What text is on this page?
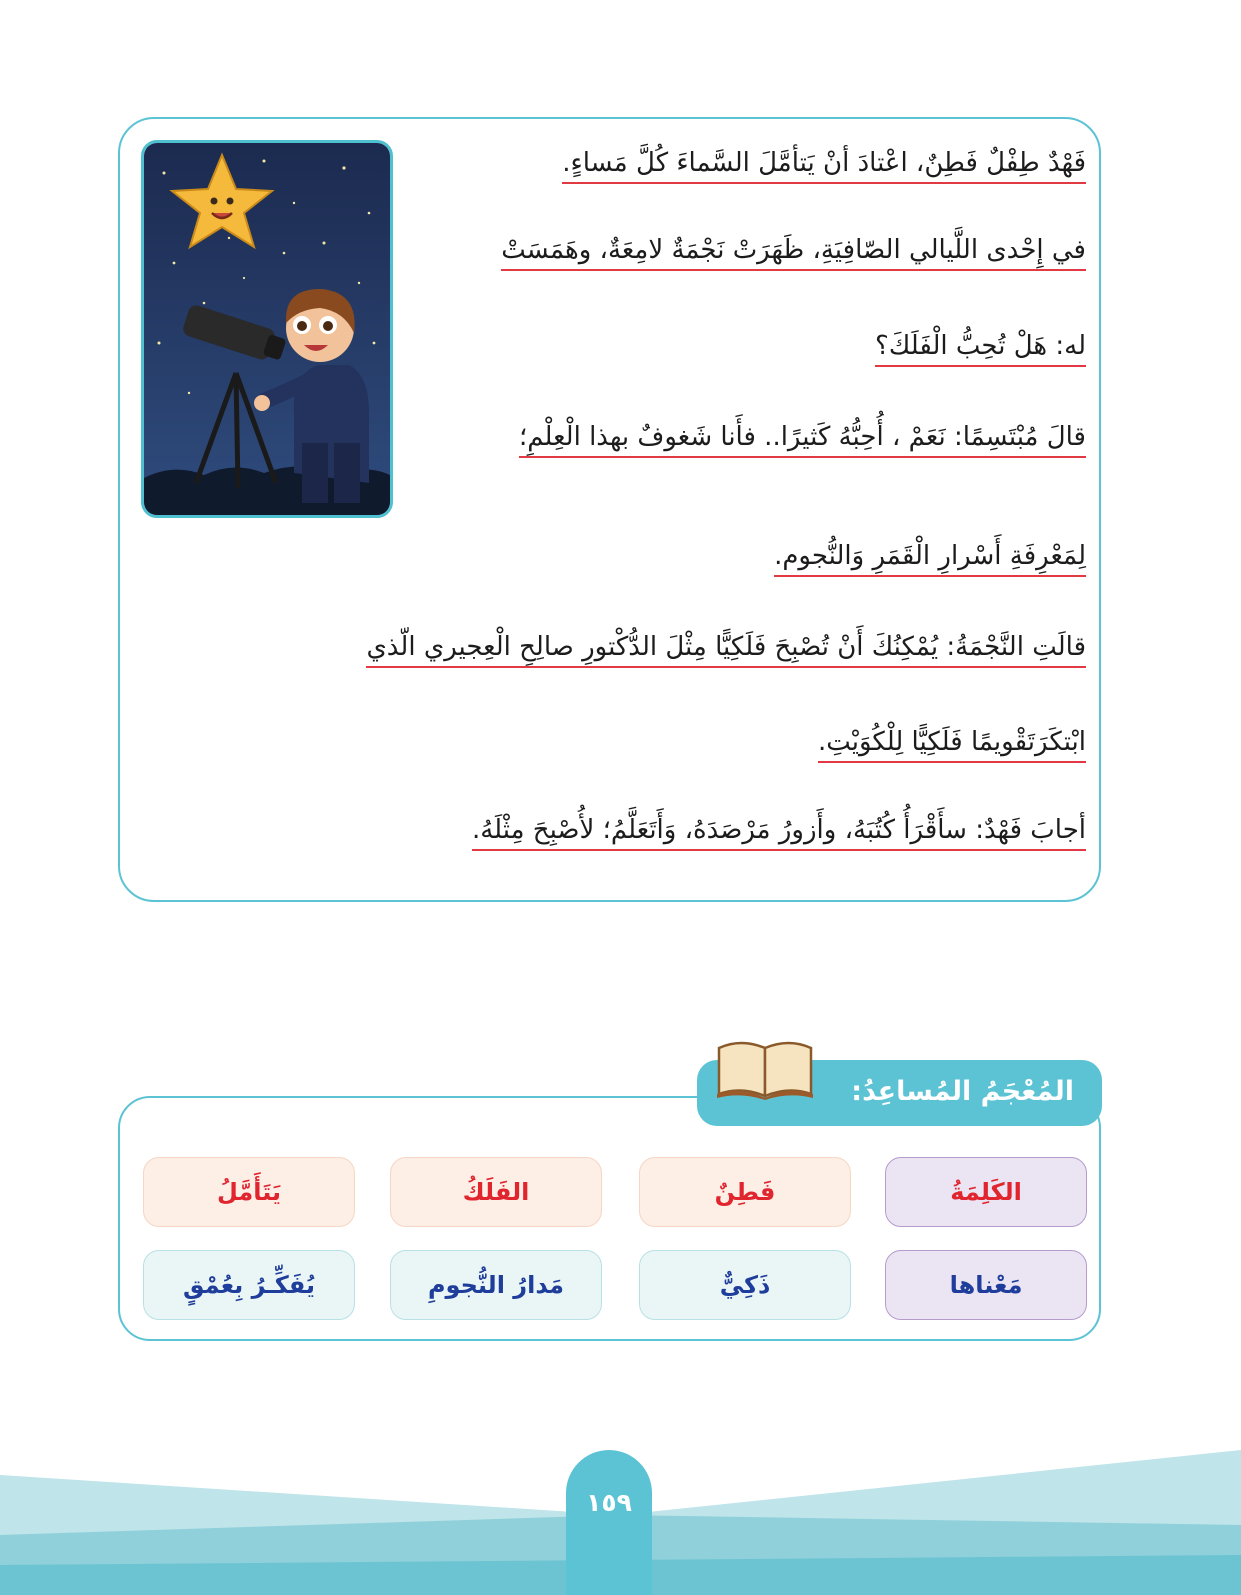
فَهْدٌ طِفْلٌ فَطِنٌ، اعْتادَ أنْ يَتأمَّلَ السَّماءَ كُلَّ مَساءٍ.
في إِحْدى اللَّيالي الصّافِيَةِ، ظَهَرَتْ نَجْمَةٌ لامِعَةٌ، وهَمَسَتْ
له: هَلْ تُحِبُّ الْفَلَكَ؟
قالَ مُبْتَسِمًا: نَعَمْ ، أُحِبُّهُ كَثيرًا.. فأَنا شَغوفٌ بهذا الْعِلْمِ؛
لِمَعْرِفَةِ أَسْرارِ الْقَمَرِ وَالنُّجوم.
قالَتِ النَّجْمَةُ: يُمْكِنُكَ أَنْ تُصْبِحَ فَلَكِيًّا مِثْلَ الدُّكْتورِ صالِحِ الْعِجيري الّذي
ابْتكَرَتَقْويمًا فَلَكِيًّا لِلْكُوَيْتِ.
أجابَ فَهْدٌ: سأَقْرَأُ كُتُبَهُ، وأَزورُ مَرْصَدَهُ، وَأَتَعَلَّمُ؛ لأُصْبِحَ مِثْلَهُ.
المُعْجَمُ المُساعِدُ:
الكَلِمَةُ
فَطِنٌ
الفَلَكُ
يَتَأَمَّلُ
مَعْناها
ذَكِيٌّ
مَدارُ النُّجومِ
يُفَكِّـرُ بِعُمْقٍ
١٥٩
